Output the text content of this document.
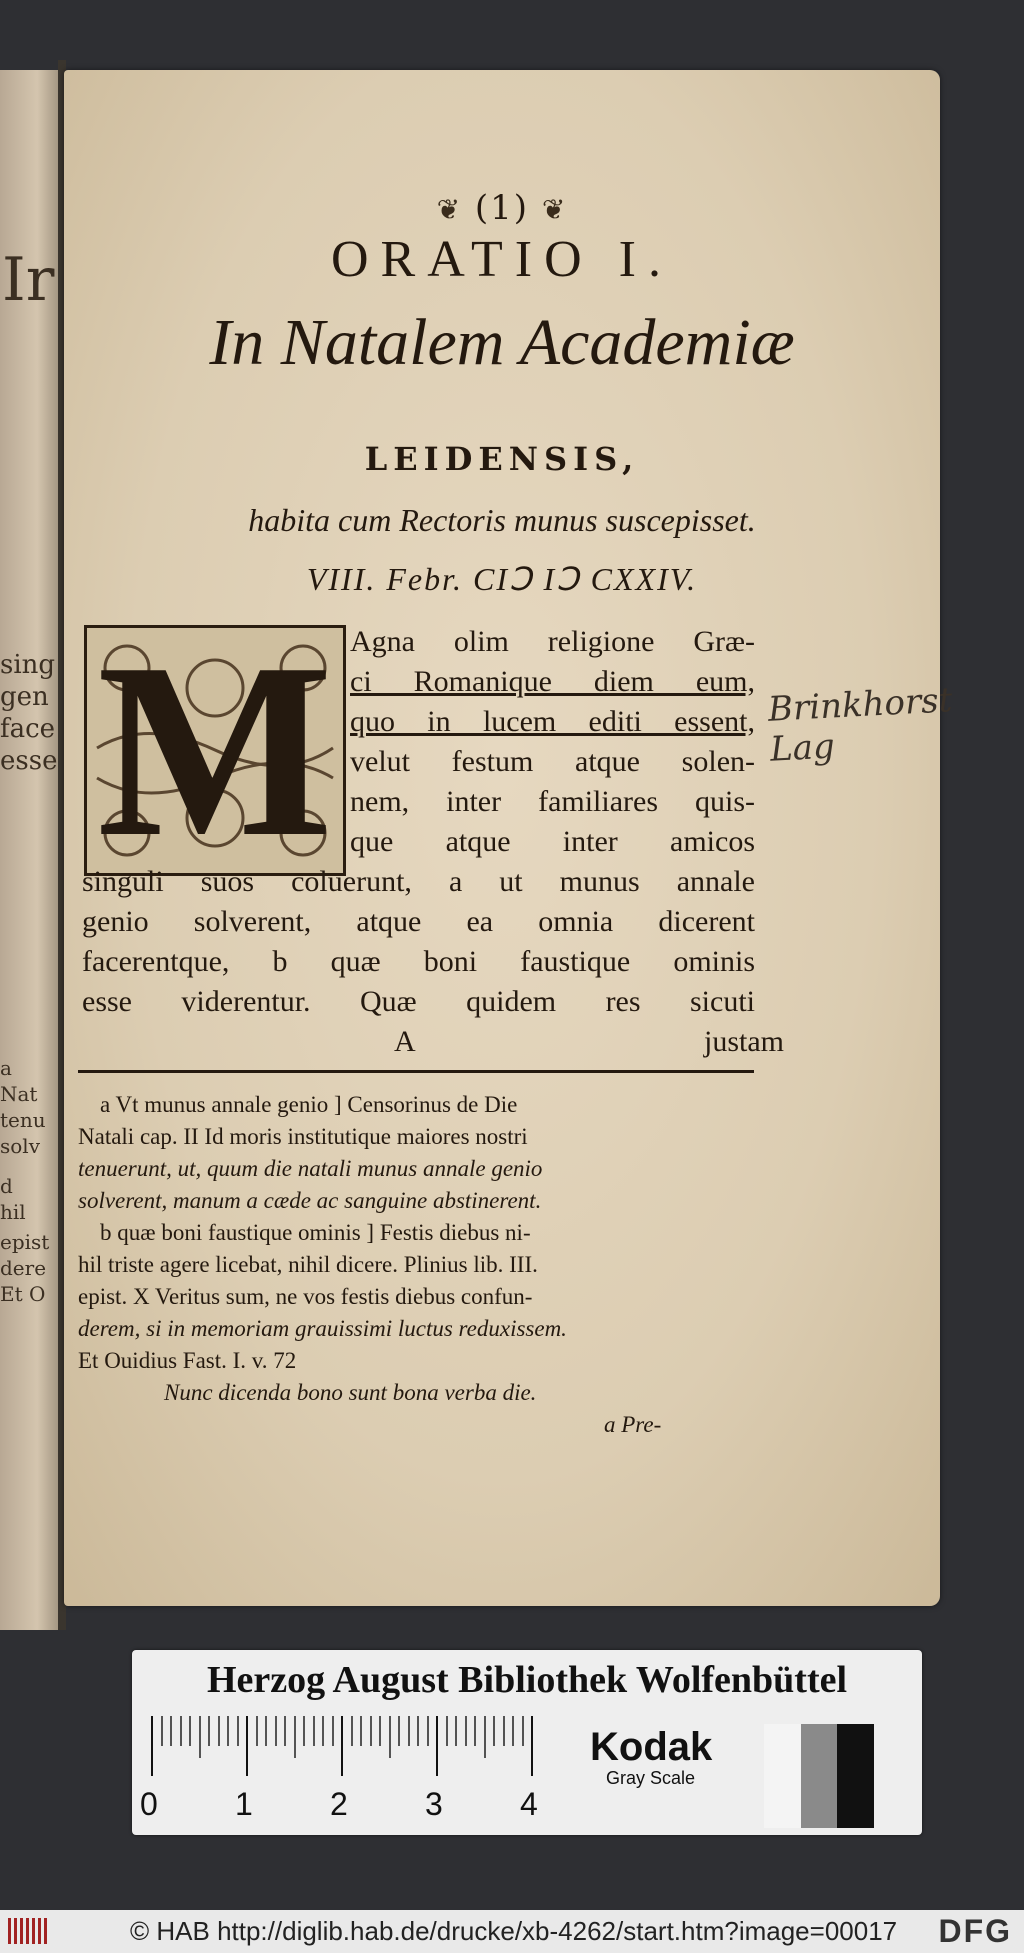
Ir
sing
gen
face
esse
a
Nat
tenu
solv
d
hil
epist
dere
Et O
❦ (1) ❦
ORATIO I.
In Natalem Academiæ
LEIDENSIS,
habita cum Rectoris munus suscepisset.
VIII. Febr. CIↃ IↃ CXXIV.
M Agna olim religione Græ-
ci Romanique diem eum,
quo in lucem editi essent,
velut festum atque solen-
nem, inter familiares quis-
que atque inter amicos
singuli suos coluerunt, a ut munus annale
genio solverent, atque ea omnia dicerent
facerentque, b quæ boni faustique ominis
esse viderentur. Quæ quidem res sicuti
A	justam
Brinkhorst Lag
a Vt munus annale genio ] Censorinus de Die
Natali cap. II Id moris institutique maiores nostri
tenuerunt, ut, quum die natali munus annale genio
solverent, manum a cæde ac sanguine abstinerent.
b quæ boni faustique ominis ] Festis diebus ni-
hil triste agere licebat, nihil dicere. Plinius lib. III.
epist. X Veritus sum, ne vos festis diebus confun-
derem, si in memoriam grauissimi luctus reduxissem.
Et Ouidius Fast. I. v. 72
Nunc dicenda bono sunt bona verba die.
a Pre-
Herzog August Bibliothek Wolfenbüttel
0 1 2 3 4
Kodak
Gray Scale
© HAB http://diglib.hab.de/drucke/xb-4262/start.htm?image=00017 DFG
